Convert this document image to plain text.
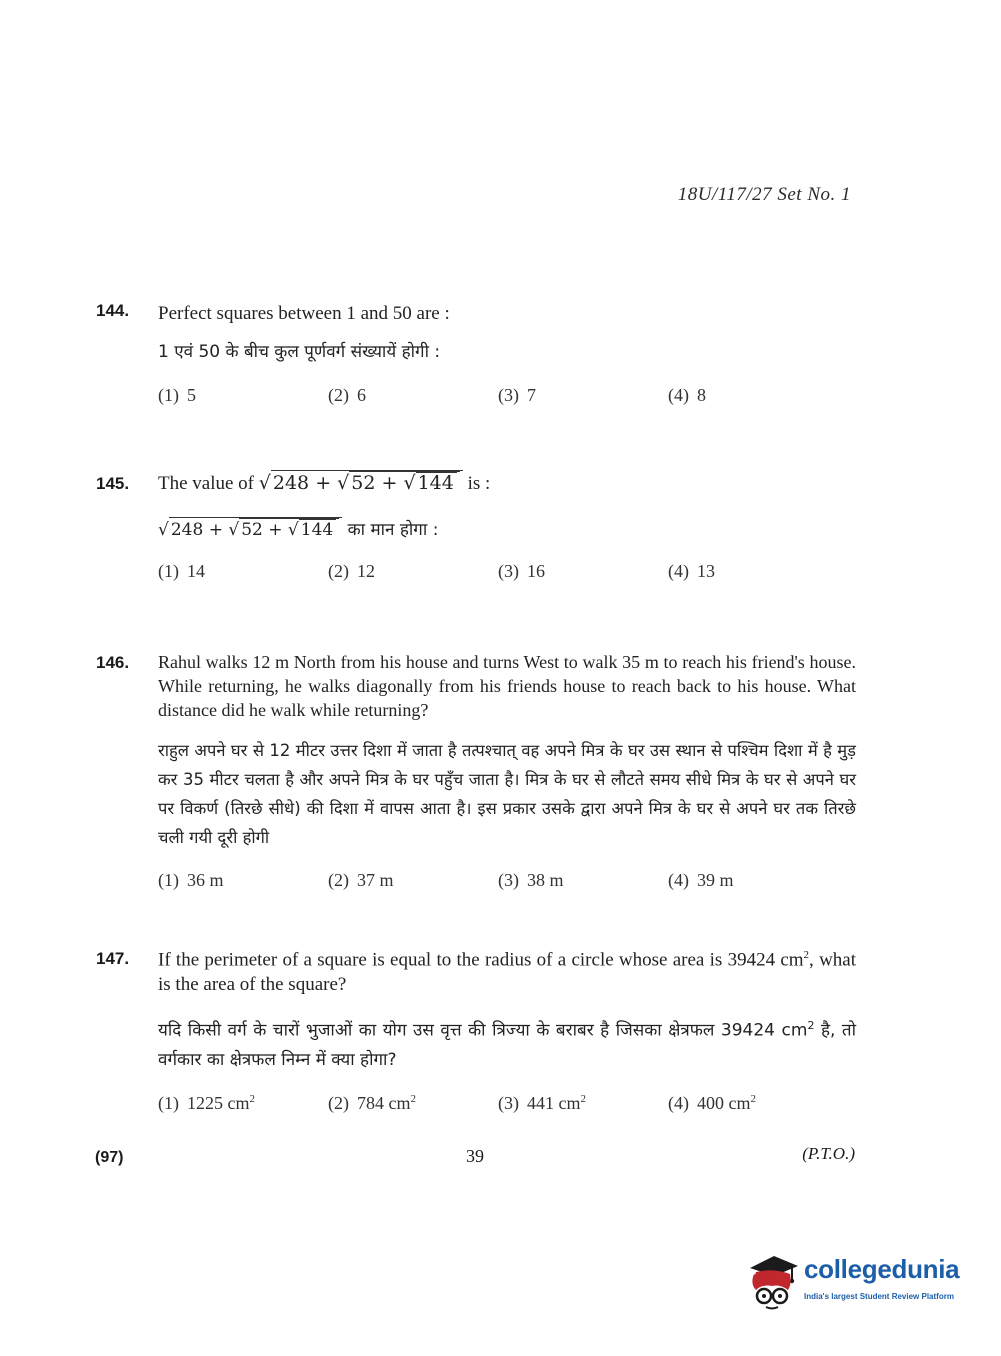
18U/117/27 Set No. 1
144.	Perfect squares between 1 and 50 are :
1 एवं 50 के बीच कुल पूर्णवर्ग संख्यायें होगी :
(1) 5	(2) 6	(3) 7	(4) 8
145.	The value of √ 248 + √ 52 + √ 144 is :
√ 248 + √ 52 + √ 144 का मान होगा :
(1) 14	(2) 12	(3) 16	(4) 13
146.	Rahul walks 12 m North from his house and turns West to walk 35 m to reach his friend's house. While returning, he walks diagonally from his friends house to reach back to his house. What distance did he walk while returning?
राहुल अपने घर से 12 मीटर उत्तर दिशा में जाता है तत्पश्चात् वह अपने मित्र के घर उस स्थान से पश्चिम दिशा में है मुड़ कर 35 मीटर चलता है और अपने मित्र के घर पहुँच जाता है। मित्र के घर से लौटते समय सीधे मित्र के घर से अपने घर पर विकर्ण (तिरछे सीधे) की दिशा में वापस आता है। इस प्रकार उसके द्वारा अपने मित्र के घर से अपने घर तक तिरछे चली गयी दूरी होगी
(1) 36 m	(2) 37 m	(3) 38 m	(4) 39 m
147.	If the perimeter of a square is equal to the radius of a circle whose area is 39424 $cm^2$, what is the area of the square?
यदि किसी वर्ग के चारों भुजाओं का योग उस वृत्त की त्रिज्या के बराबर है जिसका क्षेत्रफल 39424 $cm^2$ है, तो वर्गकार का क्षेत्रफल निम्न में क्या होगा?
(1) 1225 $cm^2$	(2) 784 $cm^2$	(3) 441 $cm^2$	(4) 400 $cm^2$
(97)	39	(P.T.O.)
collegedunia
India's largest Student Review Platform
